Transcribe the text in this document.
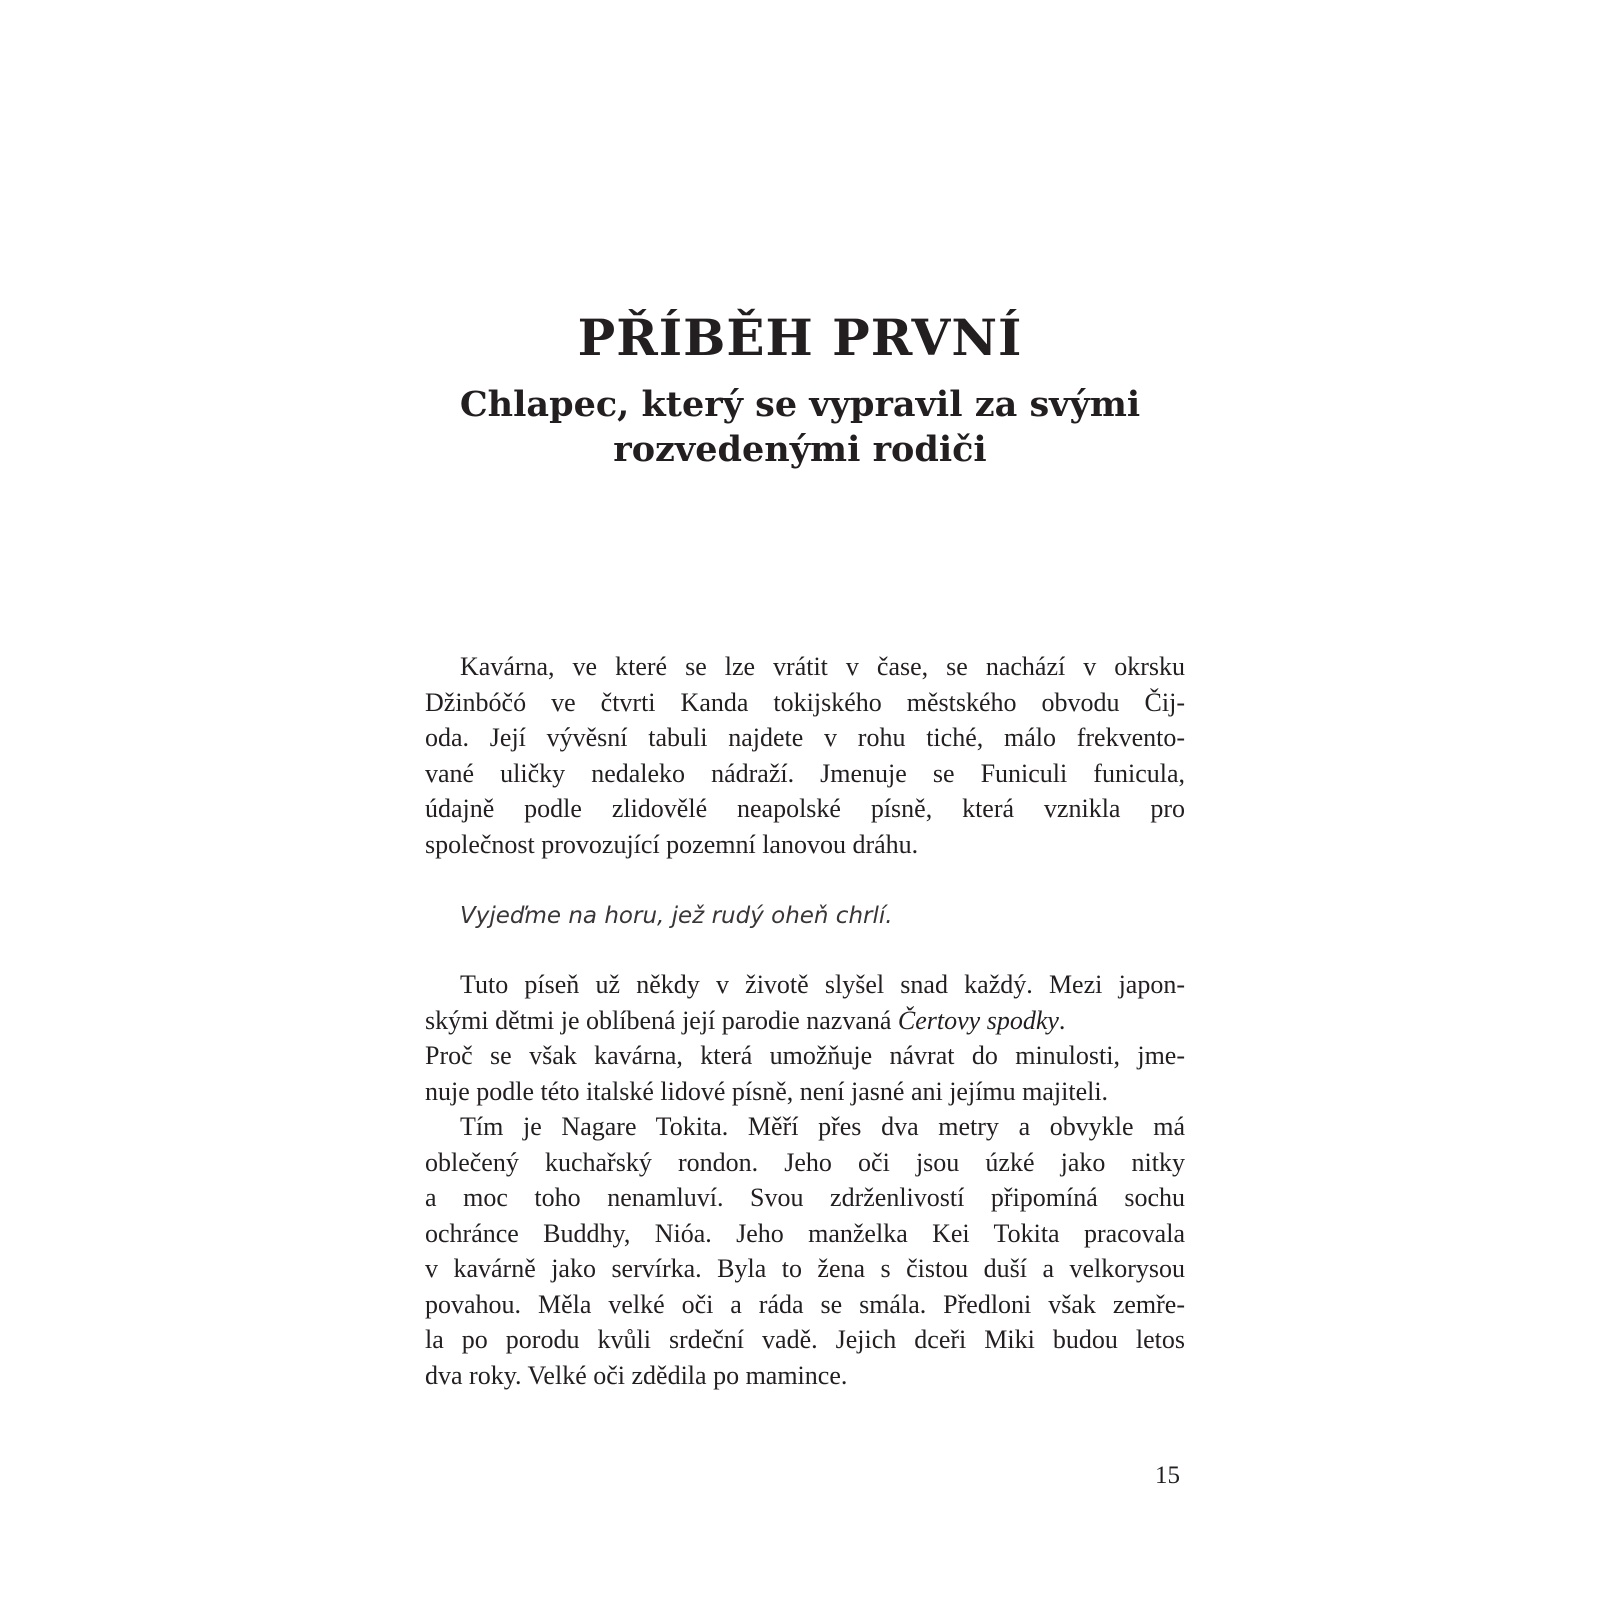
PŘÍBĚH PRVNÍ
Chlapec, který se vypravil za svými
rozvedenými rodiči
Kavárna, ve které se lze vrátit v čase, se nachází v okrsku
Džinbóčó ve čtvrti Kanda tokijského městského obvodu Čij-
oda. Její vývěsní tabuli najdete v rohu tiché, málo frekvento-
vané uličky nedaleko nádraží. Jmenuje se Funiculi funicula,
údajně podle zlidovělé neapolské písně, která vznikla pro
společnost provozující pozemní lanovou dráhu.
Vyjeďme na horu, jež rudý oheň chrlí.
Tuto píseň už někdy v životě slyšel snad každý. Mezi japon-
skými dětmi je oblíbená její parodie nazvaná Čertovy spodky.
Proč se však kavárna, která umožňuje návrat do minulosti, jme-
nuje podle této italské lidové písně, není jasné ani jejímu majiteli.
Tím je Nagare Tokita. Měří přes dva metry a obvykle má
oblečený kuchařský rondon. Jeho oči jsou úzké jako nitky
a moc toho nenamluví. Svou zdrženlivostí připomíná sochu
ochránce Buddhy, Nióa. Jeho manželka Kei Tokita pracovala
v kavárně jako servírka. Byla to žena s čistou duší a velkorysou
povahou. Měla velké oči a ráda se smála. Předloni však zemře-
la po porodu kvůli srdeční vadě. Jejich dceři Miki budou letos
dva roky. Velké oči zdědila po mamince.
15
